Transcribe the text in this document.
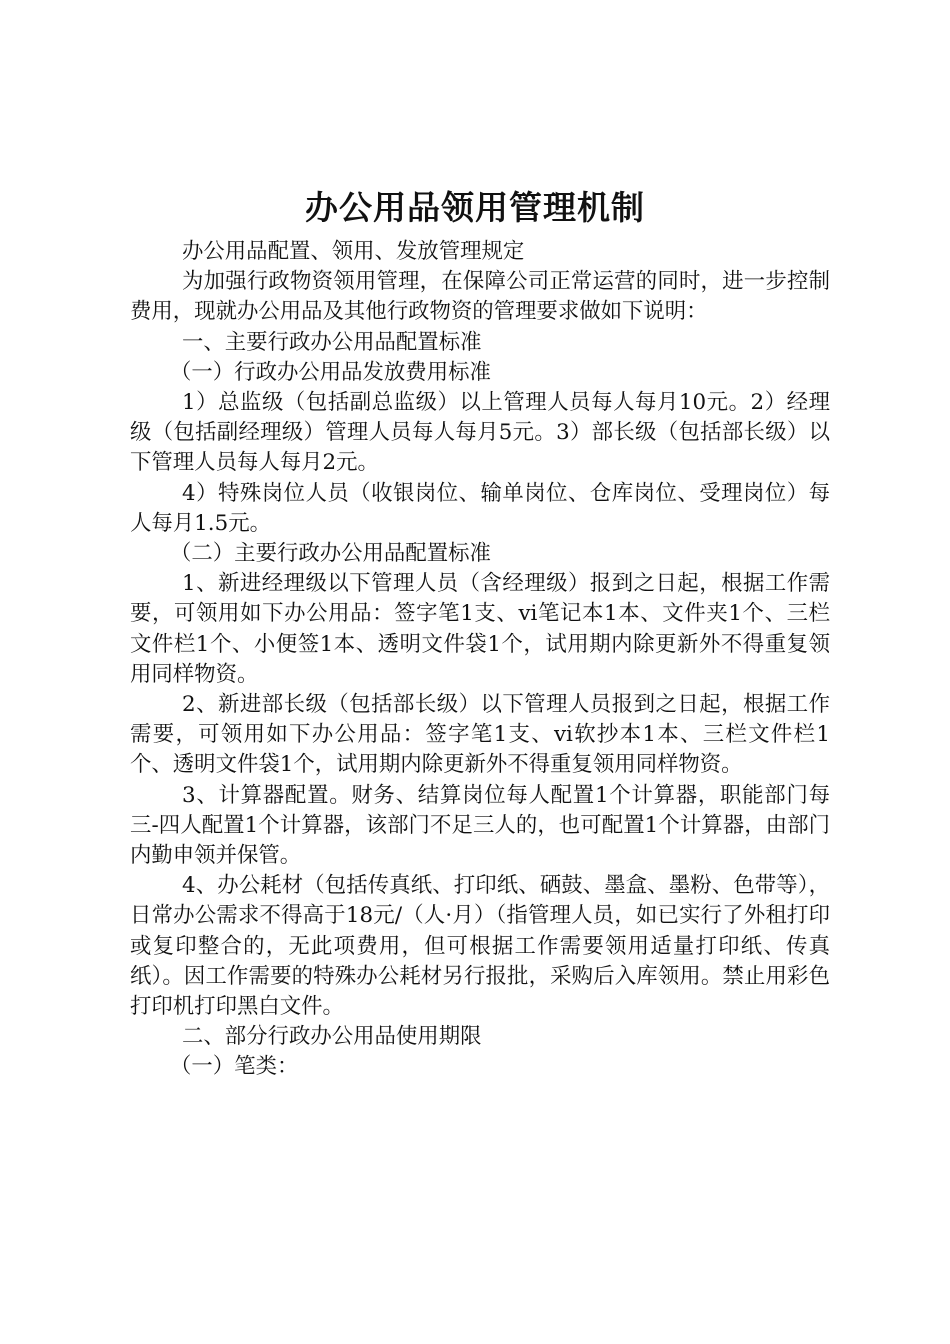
办公用品领用管理机制

办公用品配置、领用、发放管理规定

为加强行政物资领用管理，在保障公司正常运营的同时，进一步控制费用，现就办公用品及其他行政物资的管理要求做如下说明：

一、主要行政办公用品配置标准

（一）行政办公用品发放费用标准

1）总监级（包括副总监级）以上管理人员每人每月10元。2）经理级（包括副经理级）管理人员每人每月5元。3）部长级（包括部长级）以下管理人员每人每月2元。

4）特殊岗位人员（收银岗位、输单岗位、仓库岗位、受理岗位）每人每月1.5元。

（二）主要行政办公用品配置标准

1、新进经理级以下管理人员（含经理级）报到之日起，根据工作需要，可领用如下办公用品：签字笔1支、vi笔记本1本、文件夹1个、三栏文件栏1个、小便签1本、透明文件袋1个，试用期内除更新外不得重复领用同样物资。

2、新进部长级（包括部长级）以下管理人员报到之日起，根据工作需要，可领用如下办公用品：签字笔1支、vi软抄本1本、三栏文件栏1个、透明文件袋1个，试用期内除更新外不得重复领用同样物资。

3、计算器配置。财务、结算岗位每人配置1个计算器，职能部门每三-四人配置1个计算器，该部门不足三人的，也可配置1个计算器，由部门内勤申领并保管。

4、办公耗材（包括传真纸、打印纸、硒鼓、墨盒、墨粉、色带等），日常办公需求不得高于18元/（人·月）（指管理人员，如已实行了外租打印或复印整合的，无此项费用，但可根据工作需要领用适量打印纸、传真纸）。因工作需要的特殊办公耗材另行报批，采购后入库领用。禁止用彩色打印机打印黑白文件。

二、部分行政办公用品使用期限

（一）笔类：
